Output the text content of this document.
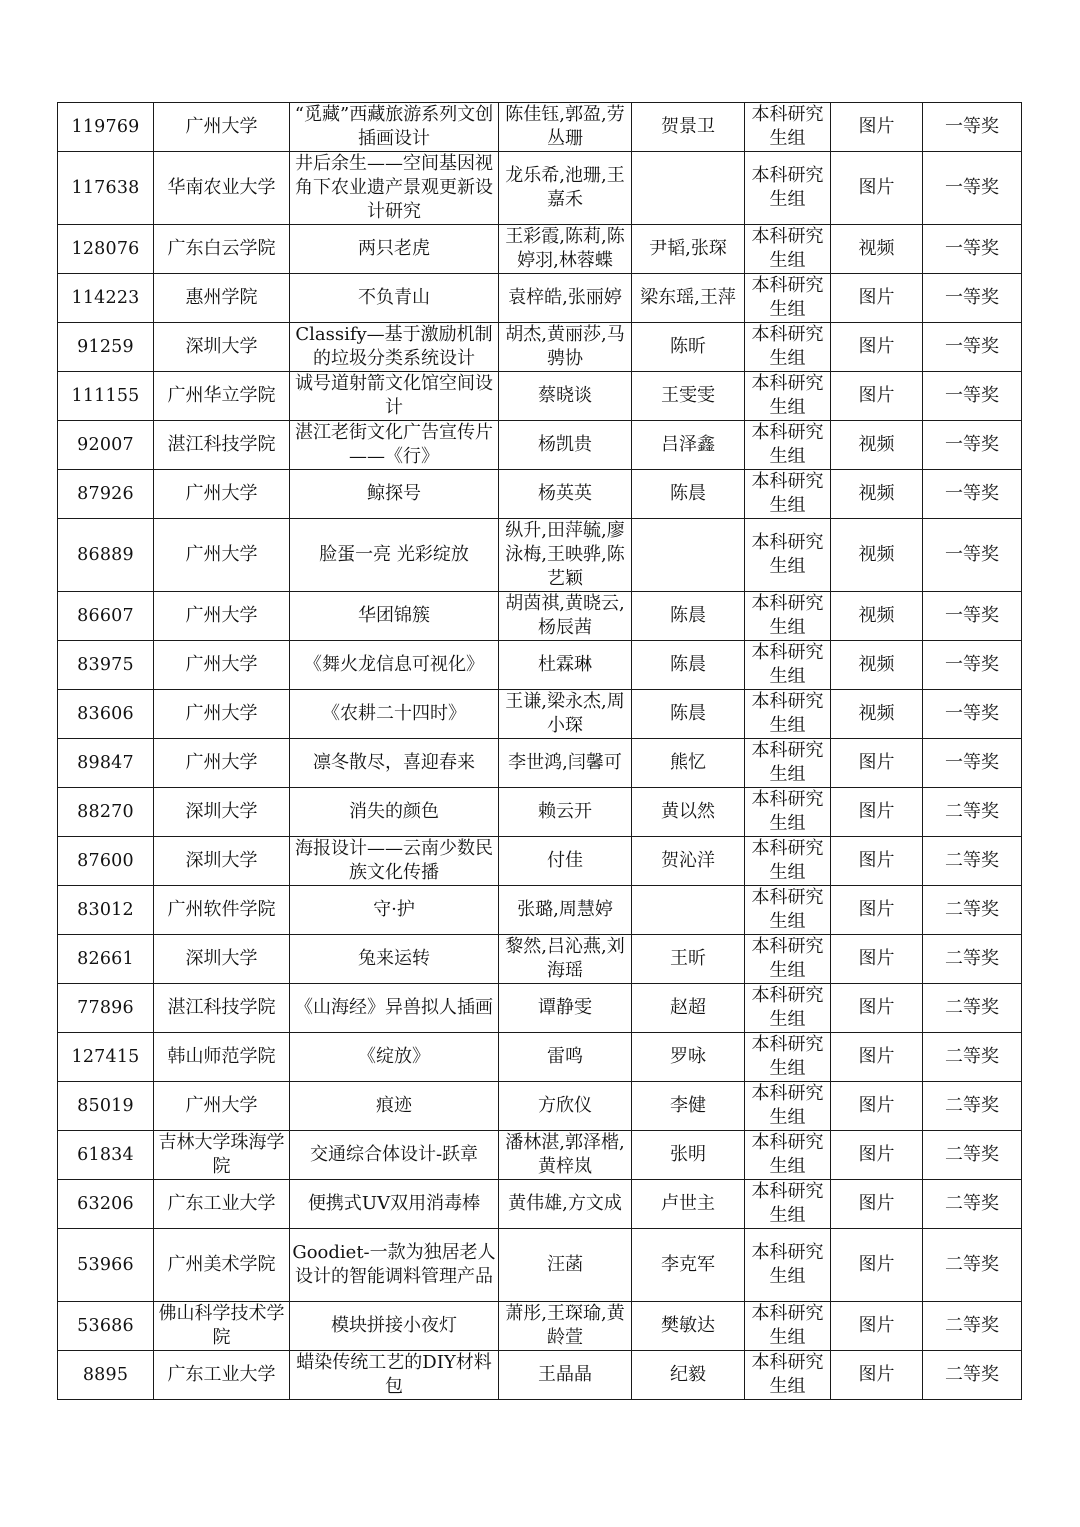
119769	广州大学	“觅藏”西藏旅游系列文创插画设计	陈佳钰,郭盈,劳丛珊	贺景卫	本科研究生组	图片	一等奖
117638	华南农业大学	井后余生——空间基因视角下农业遗产景观更新设计研究	龙乐希,池珊,王嘉禾		本科研究生组	图片	一等奖
128076	广东白云学院	两只老虎	王彩霞,陈莉,陈婷羽,林蓉蝶	尹韬,张琛	本科研究生组	视频	一等奖
114223	惠州学院	不负青山	袁梓皓,张丽婷	梁东瑶,王萍	本科研究生组	图片	一等奖
91259	深圳大学	Classify—基于激励机制的垃圾分类系统设计	胡杰,黄丽莎,马骋协	陈昕	本科研究生组	图片	一等奖
111155	广州华立学院	诚号道射箭文化馆空间设计	蔡晓谈	王雯雯	本科研究生组	图片	一等奖
92007	湛江科技学院	湛江老街文化广告宣传片——《行》	杨凯贵	吕泽鑫	本科研究生组	视频	一等奖
87926	广州大学	鲸探号	杨英英	陈晨	本科研究生组	视频	一等奖
86889	广州大学	脸蛋一亮 光彩绽放	纵升,田萍毓,廖泳梅,王映骅,陈艺颖		本科研究生组	视频	一等奖
86607	广州大学	华团锦簇	胡茵祺,黄晓云,杨辰茜	陈晨	本科研究生组	视频	一等奖
83975	广州大学	《舞火龙信息可视化》	杜霖琳	陈晨	本科研究生组	视频	一等奖
83606	广州大学	《农耕二十四时》	王谦,梁永杰,周小琛	陈晨	本科研究生组	视频	一等奖
89847	广州大学	凛冬散尽，喜迎春来	李世鸿,闫馨可	熊忆	本科研究生组	图片	一等奖
88270	深圳大学	消失的颜色	赖云开	黄以然	本科研究生组	图片	二等奖
87600	深圳大学	海报设计——云南少数民族文化传播	付佳	贺沁洋	本科研究生组	图片	二等奖
83012	广州软件学院	守·护	张璐,周慧婷		本科研究生组	图片	二等奖
82661	深圳大学	兔来运转	黎然,吕沁燕,刘海瑶	王昕	本科研究生组	图片	二等奖
77896	湛江科技学院	《山海经》异兽拟人插画	谭静雯	赵超	本科研究生组	图片	二等奖
127415	韩山师范学院	《绽放》	雷鸣	罗咏	本科研究生组	图片	二等奖
85019	广州大学	痕迹	方欣仪	李健	本科研究生组	图片	二等奖
61834	吉林大学珠海学院	交通综合体设计-跃章	潘林湛,郭泽楷,黄梓岚	张明	本科研究生组	图片	二等奖
63206	广东工业大学	便携式UV双用消毒棒	黄伟雄,方文成	卢世主	本科研究生组	图片	二等奖
53966	广州美术学院	Goodiet-一款为独居老人设计的智能调料管理产品	汪菡	李克军	本科研究生组	图片	二等奖
53686	佛山科学技术学院	模块拼接小夜灯	萧彤,王琛瑜,黄龄萱	樊敏达	本科研究生组	图片	二等奖
8895	广东工业大学	蜡染传统工艺的DIY材料包	王晶晶	纪毅	本科研究生组	图片	二等奖
